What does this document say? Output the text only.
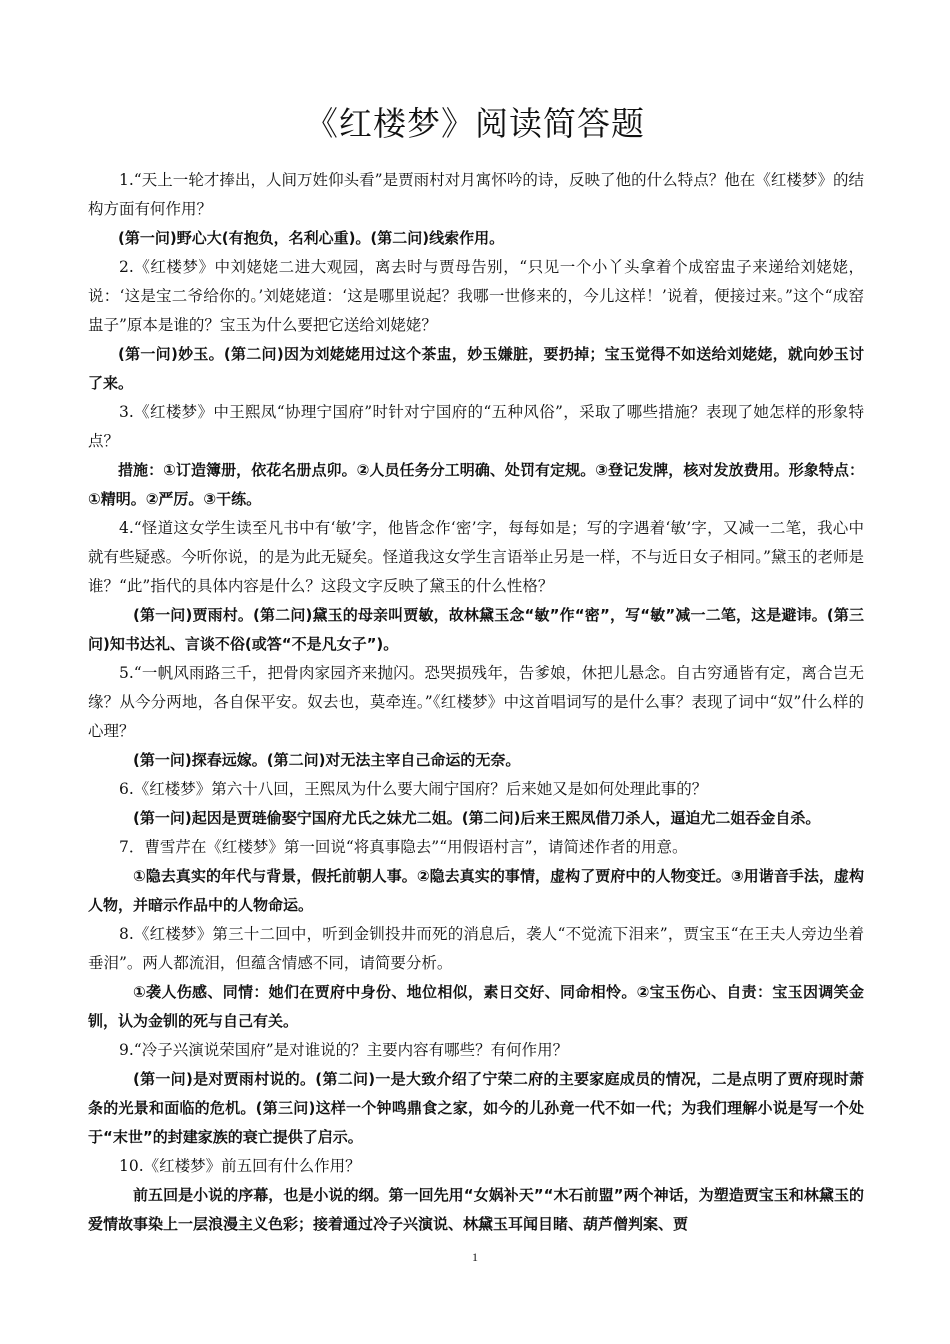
《红楼梦》阅读简答题

1.“天上一轮才捧出，人间万姓仰头看”是贾雨村对月寓怀吟的诗，反映了他的什么特点？他在《红楼梦》的结构方面有何作用？

(第一问)野心大(有抱负，名利心重)。(第二问)线索作用。

2.《红楼梦》中刘姥姥二进大观园，离去时与贾母告别，“只见一个小丫头拿着个成窑盅子来递给刘姥姥，说：‘这是宝二爷给你的。’刘姥姥道：‘这是哪里说起？我哪一世修来的，今儿这样！’说着，便接过来。”这个“成窑盅子”原本是谁的？宝玉为什么要把它送给刘姥姥？

(第一问)妙玉。(第二问)因为刘姥姥用过这个茶盅，妙玉嫌脏，要扔掉；宝玉觉得不如送给刘姥姥，就向妙玉讨了来。

3.《红楼梦》中王熙凤“协理宁国府”时针对宁国府的“五种风俗”，采取了哪些措施？表现了她怎样的形象特点？

措施：①订造簿册，依花名册点卯。②人员任务分工明确、处罚有定规。③登记发牌，核对发放费用。形象特点：①精明。②严厉。③干练。

4.“怪道这女学生读至凡书中有‘敏’字，他皆念作‘密’字，每每如是；写的字遇着‘敏’字，又减一二笔，我心中就有些疑惑。今听你说，的是为此无疑矣。怪道我这女学生言语举止另是一样，不与近日女子相同。”黛玉的老师是谁？“此”指代的具体内容是什么？这段文字反映了黛玉的什么性格？

(第一问)贾雨村。(第二问)黛玉的母亲叫贾敏，故林黛玉念“敏”作“密”，写“敏”减一二笔，这是避讳。(第三问)知书达礼、言谈不俗(或答“不是凡女子”)。

5.“一帆风雨路三千，把骨肉家园齐来抛闪。恐哭损残年，告爹娘，休把儿悬念。自古穷通皆有定，离合岂无缘？从今分两地，各自保平安。奴去也，莫牵连。”《红楼梦》中这首唱词写的是什么事？表现了词中“奴”什么样的心理？

(第一问)探春远嫁。(第二问)对无法主宰自己命运的无奈。

6.《红楼梦》第六十八回，王熙凤为什么要大闹宁国府？后来她又是如何处理此事的？

(第一问)起因是贾琏偷娶宁国府尤氏之妹尤二姐。(第二问)后来王熙凤借刀杀人，逼迫尤二姐吞金自杀。

7．曹雪芹在《红楼梦》第一回说“将真事隐去”“用假语村言”，请简述作者的用意。

①隐去真实的年代与背景，假托前朝人事。②隐去真实的事情，虚构了贾府中的人物变迁。③用谐音手法，虚构人物，并暗示作品中的人物命运。

8.《红楼梦》第三十二回中，听到金钏投井而死的消息后，袭人“不觉流下泪来”，贾宝玉“在王夫人旁边坐着垂泪”。两人都流泪，但蕴含情感不同，请简要分析。

①袭人伤感、同情：她们在贾府中身份、地位相似，素日交好、同命相怜。②宝玉伤心、自责：宝玉因调笑金钏，认为金钏的死与自己有关。

9.“冷子兴演说荣国府”是对谁说的？主要内容有哪些？有何作用？

(第一问)是对贾雨村说的。(第二问)一是大致介绍了宁荣二府的主要家庭成员的情况，二是点明了贾府现时萧条的光景和面临的危机。(第三问)这样一个钟鸣鼎食之家，如今的儿孙竟一代不如一代；为我们理解小说是写一个处于“末世”的封建家族的衰亡提供了启示。

10.《红楼梦》前五回有什么作用？

前五回是小说的序幕，也是小说的纲。第一回先用“女娲补天”“木石前盟”两个神话，为塑造贾宝玉和林黛玉的爱情故事染上一层浪漫主义色彩；接着通过冷子兴演说、林黛玉耳闻目睹、葫芦僧判案、贾

1
